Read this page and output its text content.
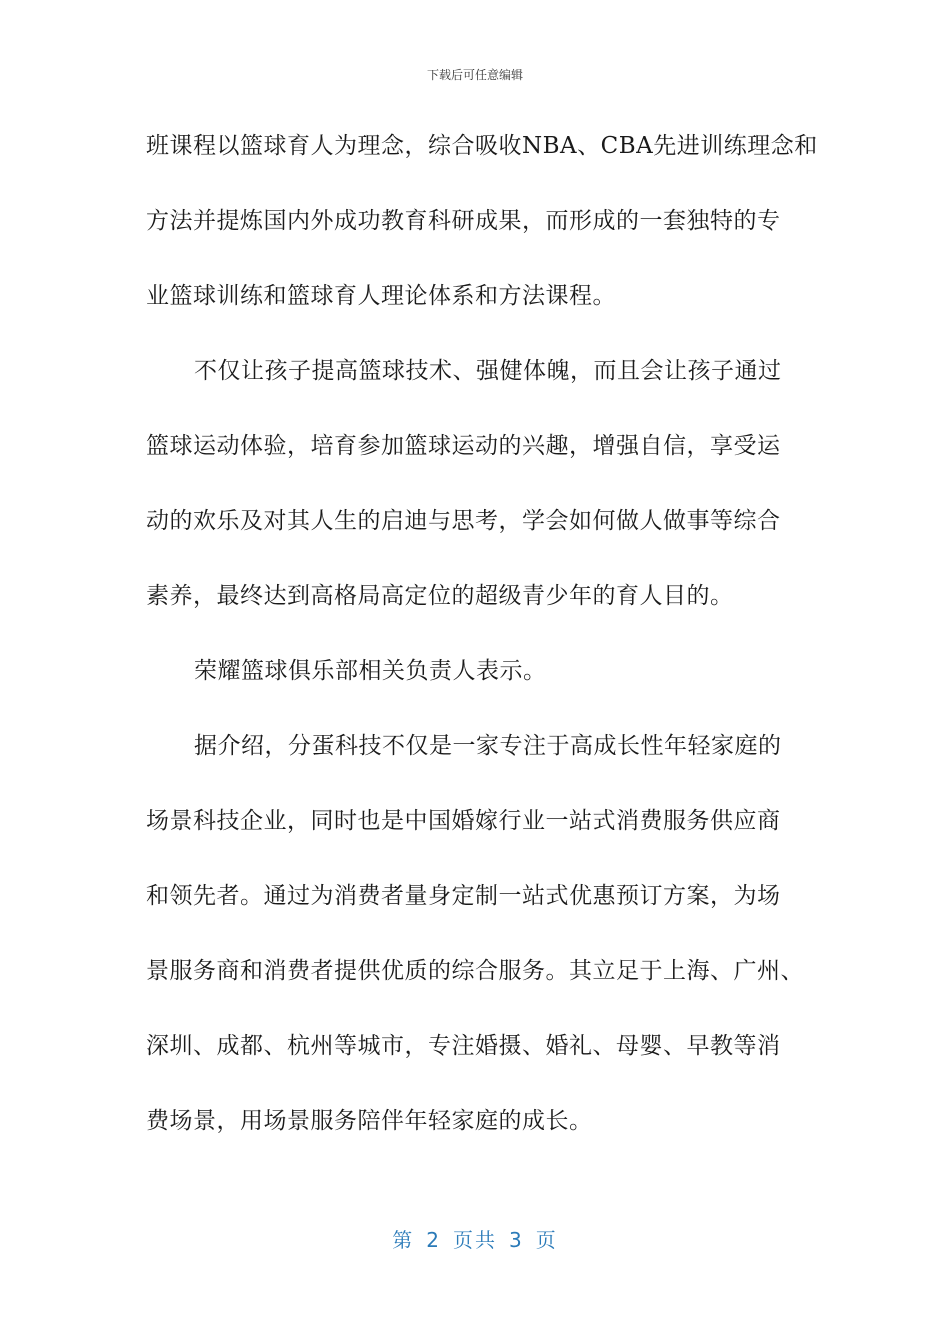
下载后可任意编辑
班课程以篮球育人为理念，综合吸收NBA、CBA先进训练理念和
方法并提炼国内外成功教育科研成果，而形成的一套独特的专
业篮球训练和篮球育人理论体系和方法课程。
不仅让孩子提高篮球技术、强健体魄，而且会让孩子通过
篮球运动体验，培育参加篮球运动的兴趣，增强自信，享受运
动的欢乐及对其人生的启迪与思考，学会如何做人做事等综合
素养，最终达到高格局高定位的超级青少年的育人目的。
荣耀篮球俱乐部相关负责人表示。
据介绍，分蛋科技不仅是一家专注于高成长性年轻家庭的
场景科技企业，同时也是中国婚嫁行业一站式消费服务供应商
和领先者。通过为消费者量身定制一站式优惠预订方案，为场
景服务商和消费者提供优质的综合服务。其立足于上海、广州、
深圳、成都、杭州等城市，专注婚摄、婚礼、母婴、早教等消
费场景，用场景服务陪伴年轻家庭的成长。
第 2 页共 3 页
